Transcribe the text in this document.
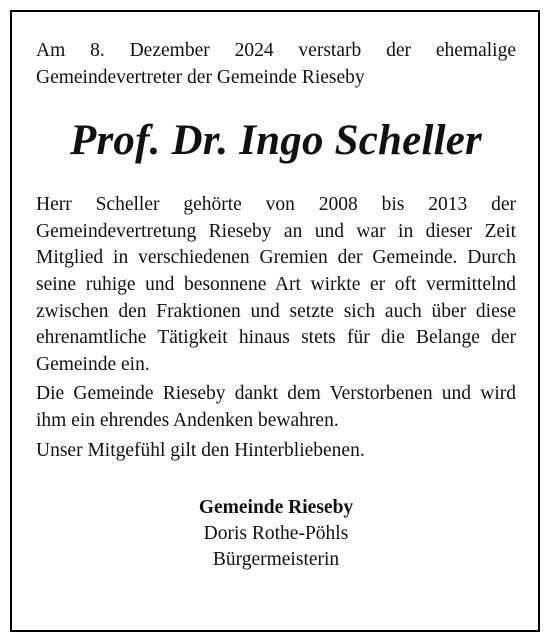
Am 8. Dezember 2024 verstarb der ehemalige Gemeindevertreter der Gemeinde Rieseby

Prof. Dr. Ingo Scheller

Herr Scheller gehörte von 2008 bis 2013 der Gemeindevertretung Rieseby an und war in dieser Zeit Mitglied in verschiedenen Gremien der Gemeinde. Durch seine ruhige und besonnene Art wirkte er oft vermittelnd zwischen den Fraktionen und setzte sich auch über diese ehrenamtliche Tätigkeit hinaus stets für die Belange der Gemeinde ein.

Die Gemeinde Rieseby dankt dem Verstorbenen und wird ihm ein ehrendes Andenken bewahren.

Unser Mitgefühl gilt den Hinterbliebenen.

Gemeinde Rieseby
Doris Rothe-Pöhls
Bürgermeisterin
